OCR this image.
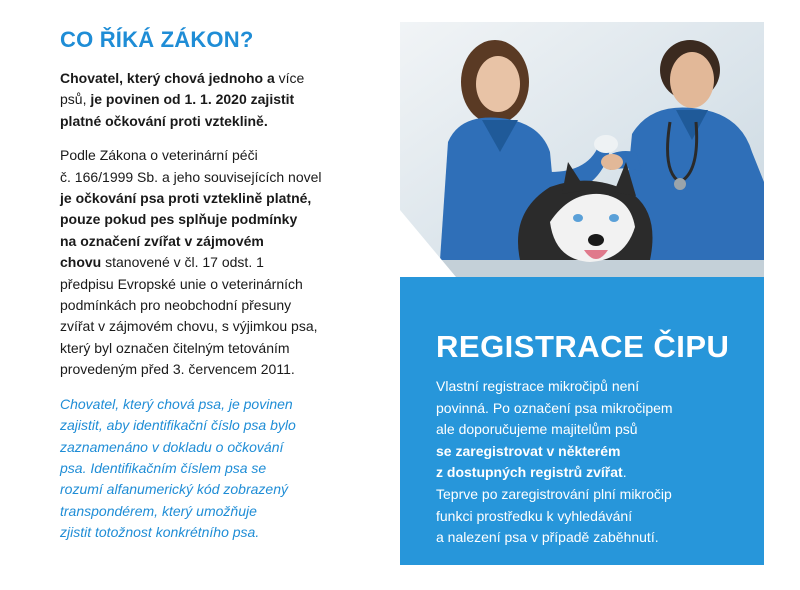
CO ŘÍKÁ ZÁKON?

Chovatel, který chová jednoho a více
psů, je povinen od 1. 1. 2020 zajistit
platné očkování proti vzteklině.

Podle Zákona o veterinární péči
č. 166/1999 Sb. a jeho souvisejících novel
je očkování psa proti vzteklině platné,
pouze pokud pes splňuje podmínky
na označení zvířat v zájmovém
chovu stanovené v čl. 17 odst. 1
předpisu Evropské unie o veterinárních
podmínkách pro neobchodní přesuny
zvířat v zájmovém chovu, s výjimkou psa,
který byl označen čitelným tetováním
provedeným před 3. červencem 2011.

Chovatel, který chová psa, je povinen
zajistit, aby identifikační číslo psa bylo
zaznamenáno v dokladu o očkování
psa. Identifikačním číslem psa se
rozumí alfanumerický kód zobrazený
transpondérem, který umožňuje
zjistit totožnost konkrétního psa.

REGISTRACE ČIPU

Vlastní registrace mikročipů není
povinná. Po označení psa mikročipem
ale doporučujeme majitelům psů
se zaregistrovat v některém
z dostupných registrů zvířat.
Teprve po zaregistrování plní mikročip
funkci prostředku k vyhledávání
a nalezení psa v případě zaběhnutí.
